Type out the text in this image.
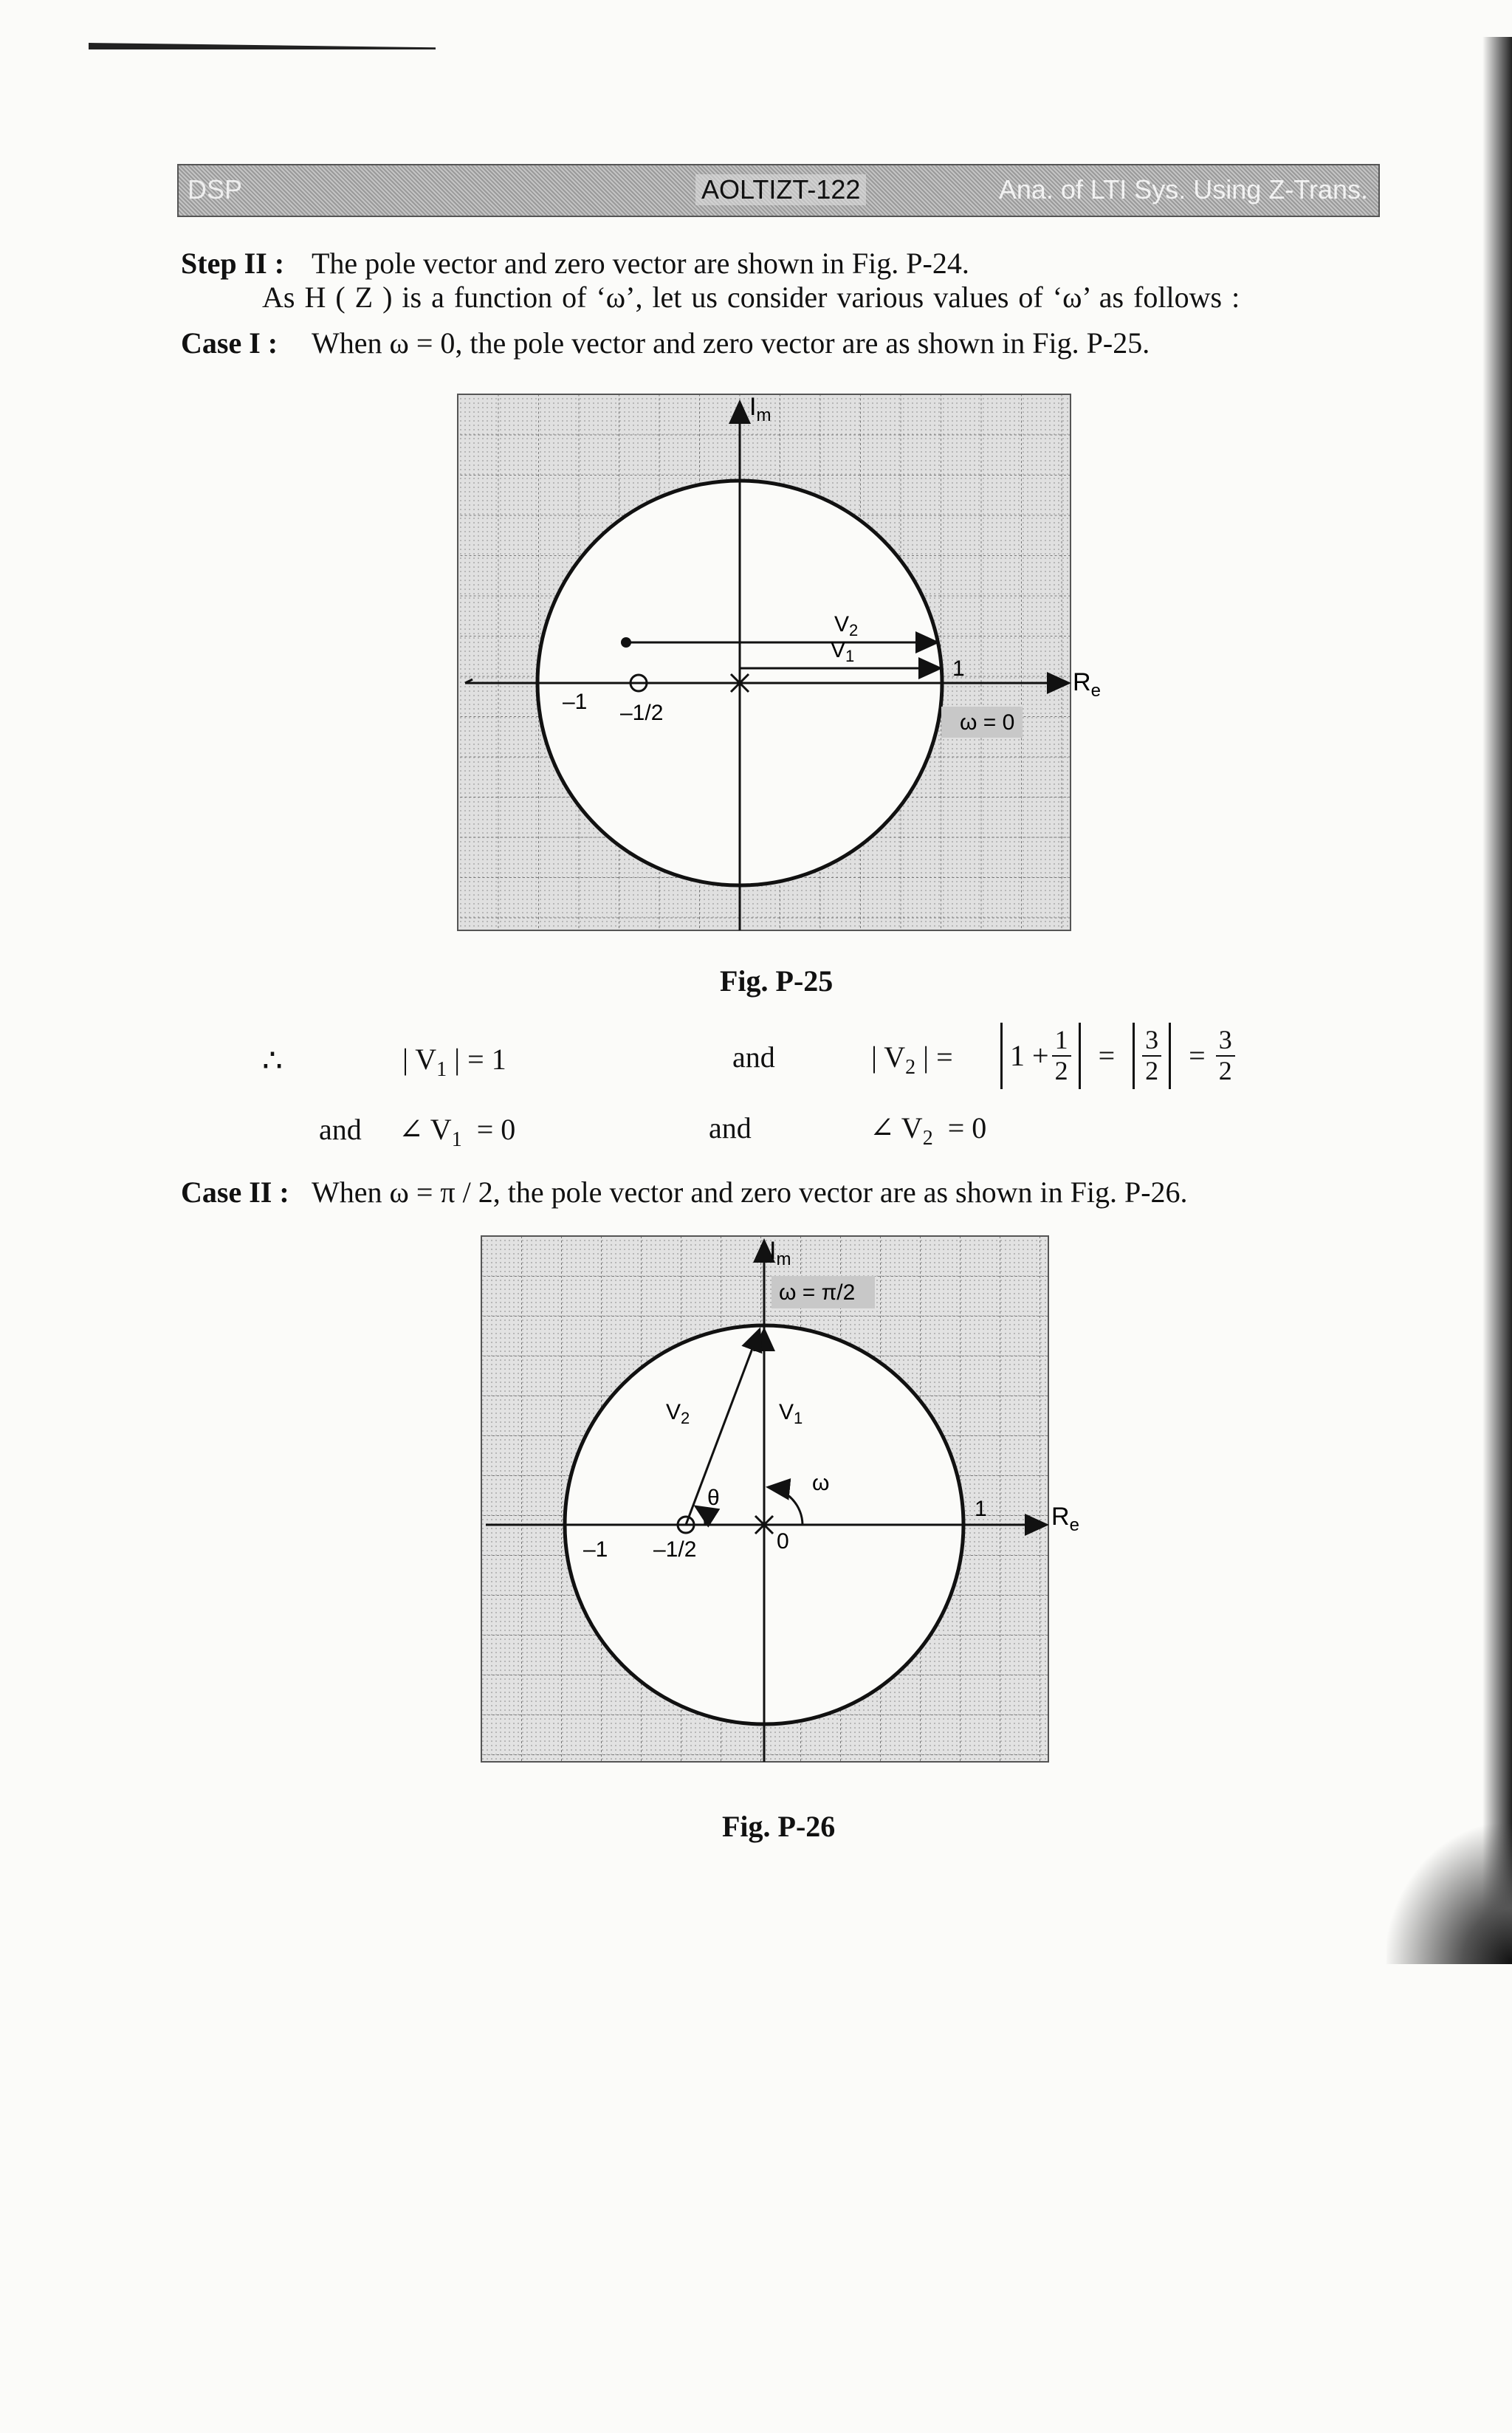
DSP	AOLTIZT-122	Ana. of LTI Sys. Using Z-Trans.
Step II : The pole vector and zero vector are shown in Fig. P-24.
As H ( Z ) is a function of ‘ω’, let us consider various values of ‘ω’ as follows :
Case I : When ω = 0, the pole vector and zero vector are as shown in Fig. P-25.
$I_m$
$R_e$
$V_2$
$V_1$
–1 –1/2
1
ω = 0
Fig. P-25
∴	| $V_1$ | = 1	and	| $V_2$ | = $1 + \frac{1}{2} = \frac{3}{2} = \frac{3}{2}$
and ∠ $V_1 = 0$	and	∠ $V_2 = 0$
Case II : When ω = π / 2, the pole vector and zero vector are as shown in Fig. P-26.
$I_m$
ω = π/2
$V_2$	$V_1$
θ
ω
1	$R_e$
–1 –1/2	0
Fig. P-26
